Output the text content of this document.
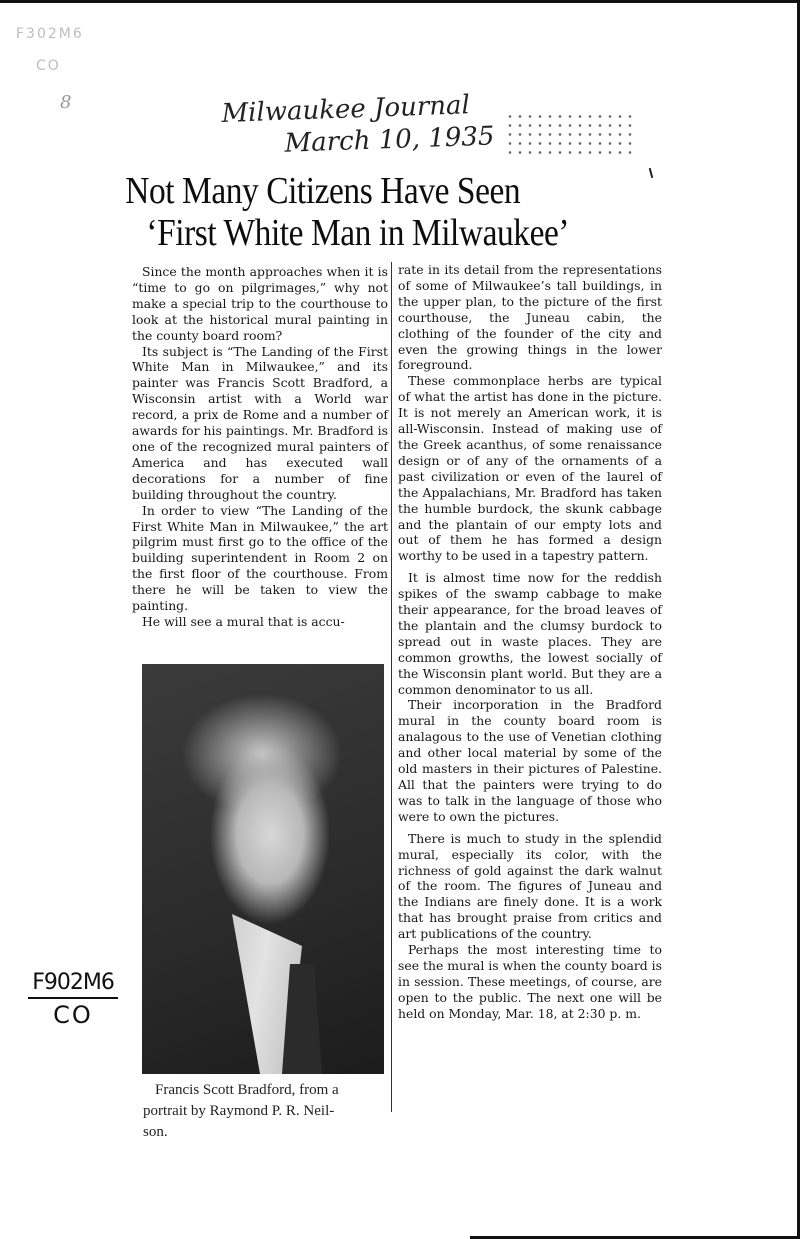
F302M6
CO
8	Milwaukee Journal
March 10, 1935
Not Many Citizens Have Seen
‘First White Man in Milwaukee’

Since the month approaches when it is “time to go on pilgrimages,” why not make a special trip to the courthouse to look at the historical mural painting in the county board room?

Its subject is “The Landing of the First White Man in Milwaukee,” and its painter was Francis Scott Bradford, a Wisconsin artist with a World war record, a prix de Rome and a number of awards for his paintings. Mr. Bradford is one of the recognized mural painters of America and has executed wall decorations for a number of fine building throughout the country.

In order to view “The Landing of the First White Man in Milwaukee,” the art pilgrim must first go to the office of the building superintendent in Room 2 on the first floor of the courthouse. From there he will be taken to view the painting.

He will see a mural that is accu-

Francis Scott Bradford, from a
portrait by Raymond P. R. Neil-
son.
F902M6
CO

rate in its detail from the representations of some of Milwaukee’s tall buildings, in the upper plan, to the picture of the first courthouse, the Juneau cabin, the clothing of the founder of the city and even the growing things in the lower foreground.

These commonplace herbs are typical of what the artist has done in the picture. It is not merely an American work, it is all-Wisconsin. Instead of making use of the Greek acanthus, of some renaissance design or of any of the ornaments of a past civilization or even of the laurel of the Appalachians, Mr. Bradford has taken the humble burdock, the skunk cabbage and the plantain of our empty lots and out of them he has formed a design worthy to be used in a tapestry pattern.

It is almost time now for the reddish spikes of the swamp cabbage to make their appearance, for the broad leaves of the plantain and the clumsy burdock to spread out in waste places. They are common growths, the lowest socially of the Wisconsin plant world. But they are a common denominator to us all.

Their incorporation in the Bradford mural in the county board room is analagous to the use of Venetian clothing and other local material by some of the old masters in their pictures of Palestine. All that the painters were trying to do was to talk in the language of those who were to own the pictures.

There is much to study in the splendid mural, especially its color, with the richness of gold against the dark walnut of the room. The figures of Juneau and the Indians are finely done. It is a work that has brought praise from critics and art publications of the country.

Perhaps the most interesting time to see the mural is when the county board is in session. These meetings, of course, are open to the public. The next one will be held on Monday, Mar. 18, at 2:30 p. m.
